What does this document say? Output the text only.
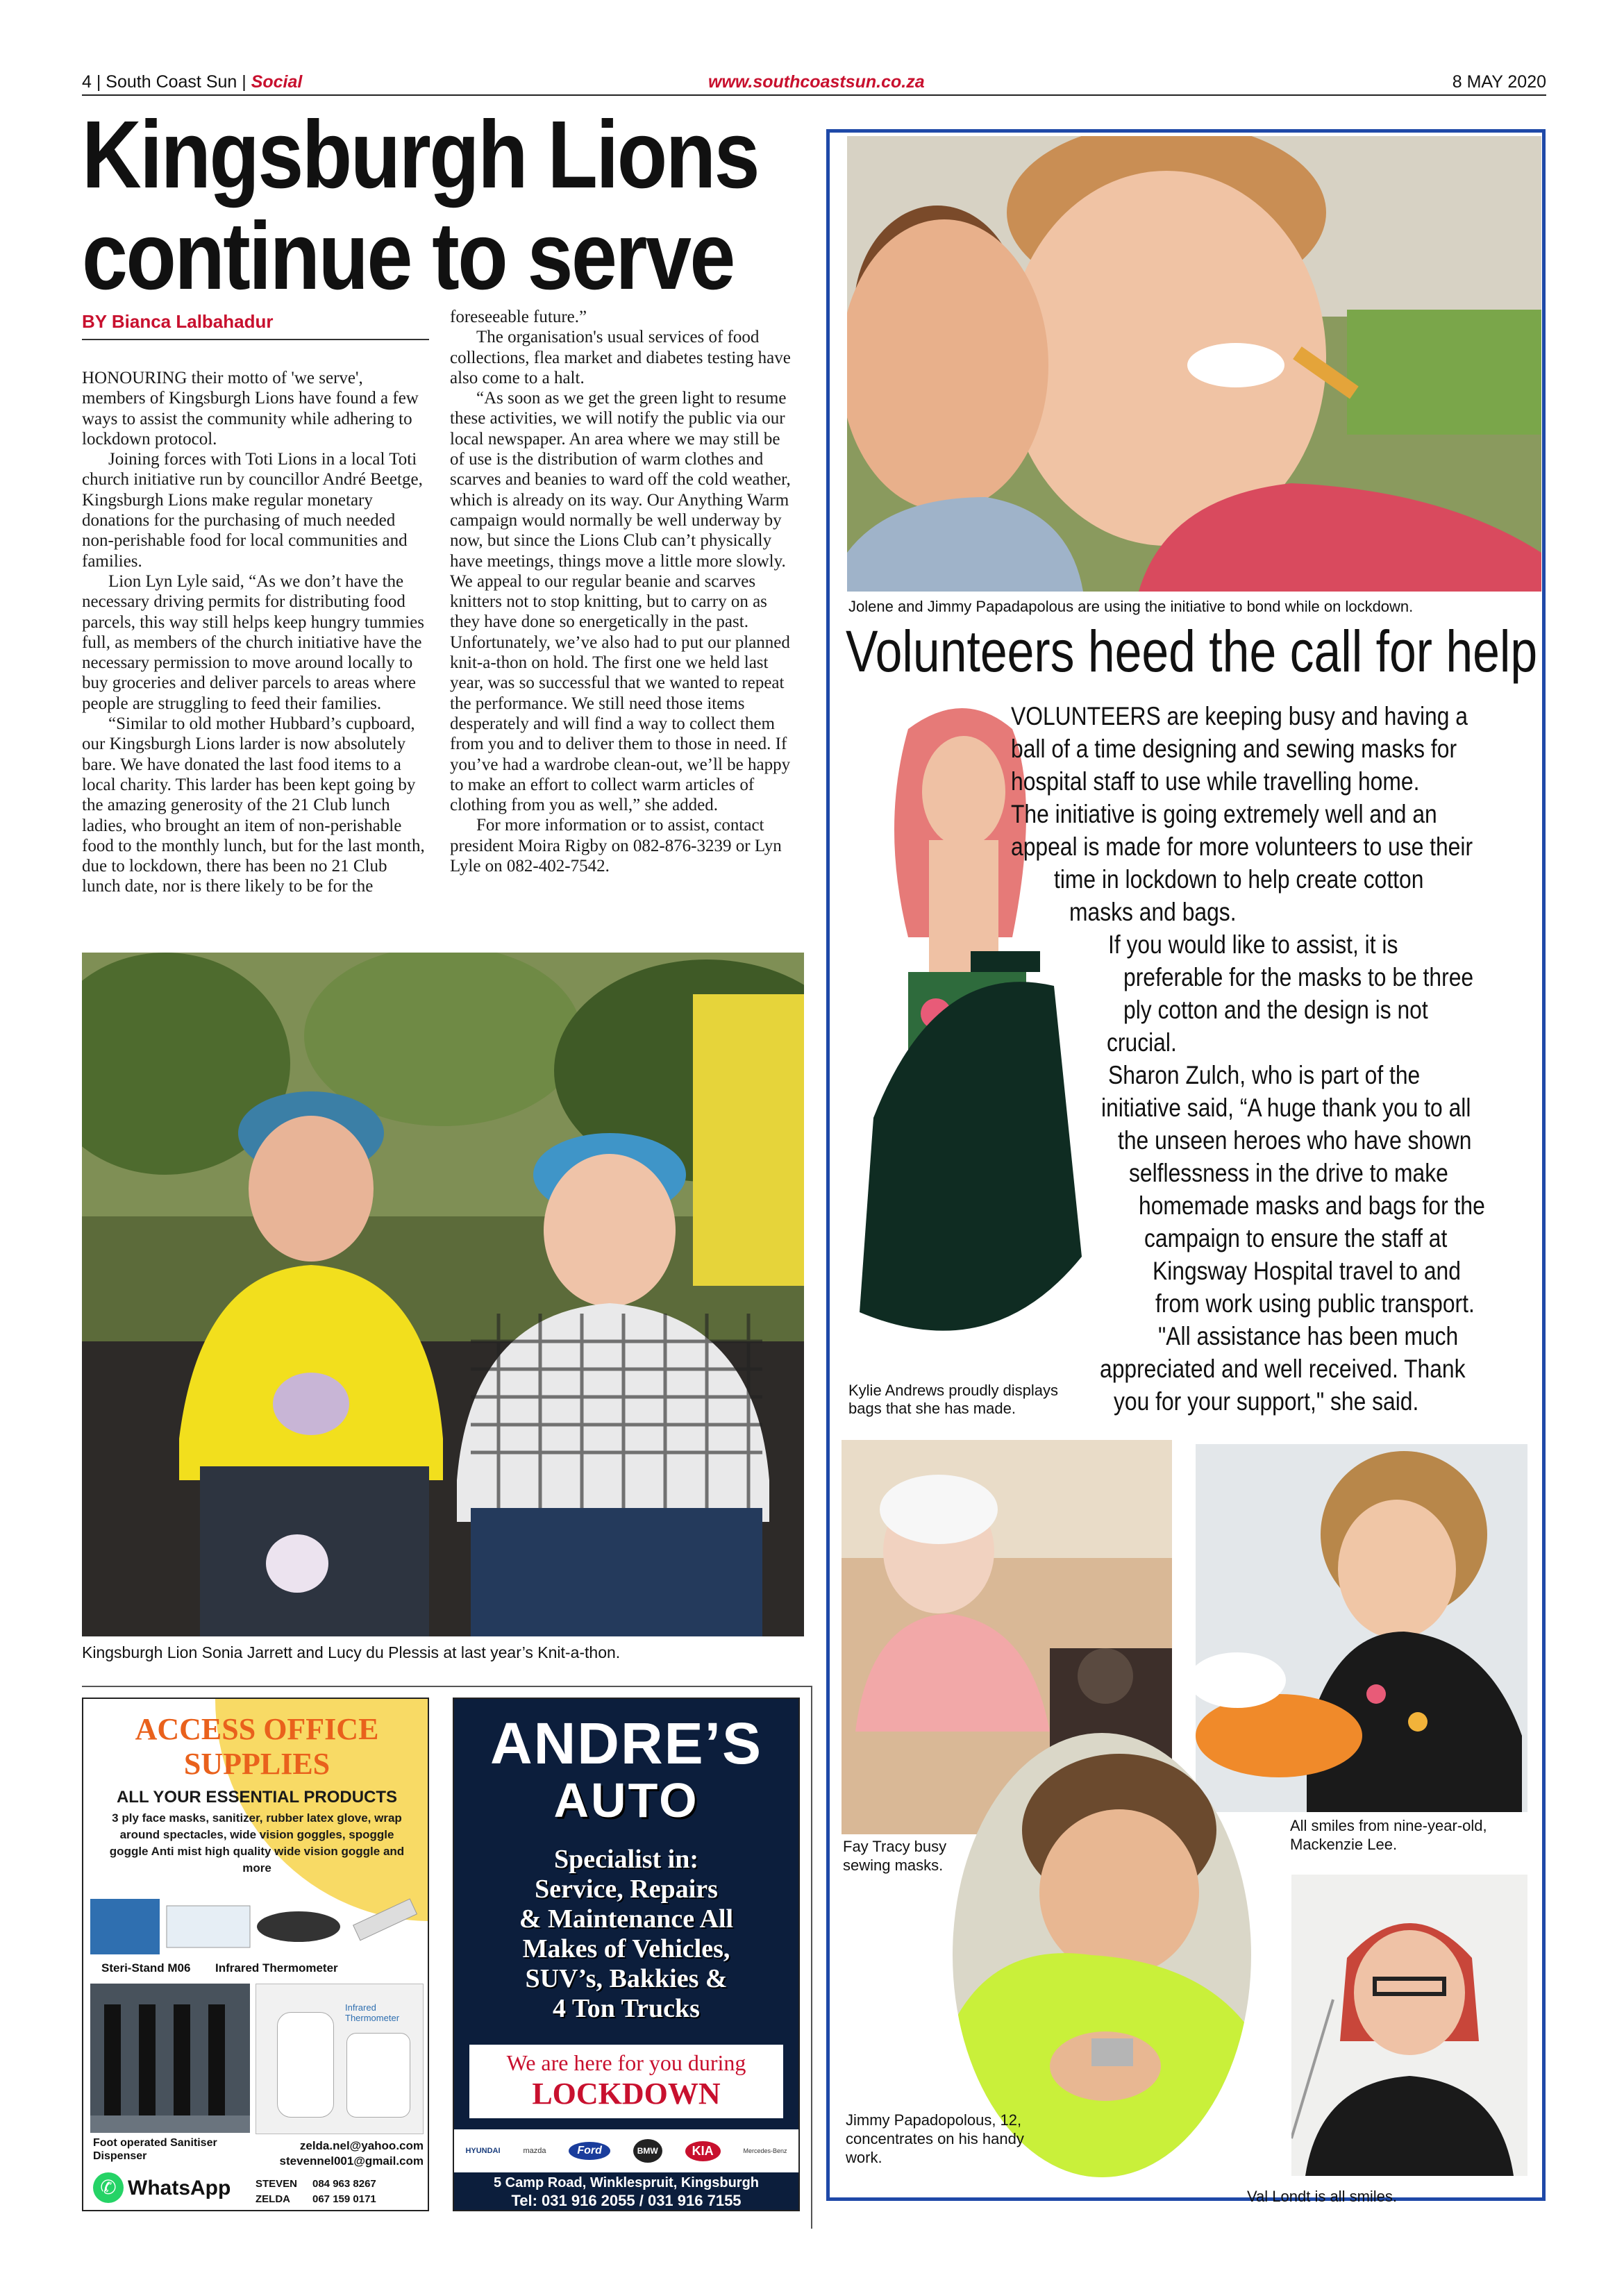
4 | South Coast Sun | Social	www.southcoastsun.co.za	8 MAY 2020
Kingsburgh Lions
continue to serve
BY Bianca Lalbahadur

HONOURING their motto of 'we serve', members of Kingsburgh Lions have found a few ways to assist the community while adhering to lockdown protocol.

Joining forces with Toti Lions in a local Toti church initiative run by councillor André Beetge, Kingsburgh Lions make regular monetary donations for the purchasing of much needed non-perishable food for local communities and families.

Lion Lyn Lyle said, “As we don’t have the necessary driving permits for distributing food parcels, this way still helps keep hungry tummies full, as members of the church initiative have the necessary permission to move around locally to buy groceries and deliver parcels to areas where people are struggling to feed their families.

“Similar to old mother Hubbard’s cupboard, our Kingsburgh Lions larder is now absolutely bare. We have donated the last food items to a local charity. This larder has been kept going by the amazing generosity of the 21 Club lunch ladies, who brought an item of non-perishable food to the monthly lunch, but for the last month, due to lockdown, there has been no 21 Club lunch date, nor is there likely to be for the

foreseeable future.”

The organisation's usual services of food collections, flea market and diabetes testing have also come to a halt.

“As soon as we get the green light to resume these activities, we will notify the public via our local newspaper. An area where we may still be of use is the distribution of warm clothes and scarves and beanies to ward off the cold weather, which is already on its way. Our Anything Warm campaign would normally be well underway by now, but since the Lions Club can’t physically have meetings, things move a little more slowly. We appeal to our regular beanie and scarves knitters not to stop knitting, but to carry on as they have done so energetically in the past. Unfortunately, we’ve also had to put our planned knit-a-thon on hold. The first one we held last year, was so successful that we wanted to repeat the performance. We still need those items desperately and will find a way to collect them from you and to deliver them to those in need. If you’ve had a wardrobe clean-out, we’ll be happy to make an effort to collect warm articles of clothing from you as well,” she added.

For more information or to assist, contact president Moira Rigby on 082-876-3239 or Lyn Lyle on 082-402-7542.

Kingsburgh Lion Sonia Jarrett and Lucy du Plessis at last year’s Knit-a-thon.
Jolene and Jimmy Papadapolous are using the initiative to bond while on lockdown.
Volunteers heed the call for help
Kylie Andrews proudly displays bags that she has made.
VOLUNTEERS are keeping busy and having a
ball of a time designing and sewing masks for
hospital staff to use while travelling home.
The initiative is going extremely well and an
appeal is made for more volunteers to use their
time in lockdown to help create cotton
masks and bags.
If you would like to assist, it is
preferable for the masks to be three
ply cotton and the design is not
crucial.
Sharon Zulch, who is part of the
initiative said, “A huge thank you to all
the unseen heroes who have shown
selflessness in the drive to make
homemade masks and bags for the
campaign to ensure the staff at
Kingsway Hospital travel to and
from work using public transport.
"All assistance has been much
appreciated and well received. Thank
you for your support," she said.
Fay Tracy busy sewing masks.
All smiles from nine-year-old, Mackenzie Lee.
Jimmy Papadopolous, 12, concentrates on his handy work.
Val Londt is all smiles.
ACCESS OFFICE
SUPPLIES
ALL YOUR ESSENTIAL PRODUCTS
3 ply face masks, sanitizer, rubber latex glove, wrap around spectacles, wide vision goggles, spoggle goggle Anti mist high quality wide vision goggle and more
Steri-Stand M06 Infrared Thermometer
Infrared Thermometer
Foot operated Sanitiser Dispenser
zelda.nel@yahoo.com
stevennel001@gmail.com
✆ WhatsApp STEVEN 084 963 8267
ZELDA 067 159 0171
ANDRE’S
AUTO
Specialist in:
Service, Repairs
& Maintenance All
Makes of Vehicles,
SUV’s, Bakkies &
4 Ton Trucks
We are here for you during
LOCKDOWN
HYUNDAI	mazda	Ford	BMW	KIA	Mercedes-Benz
5 Camp Road, Winklespruit, Kingsburgh
Tel: 031 916 2055 / 031 916 7155
